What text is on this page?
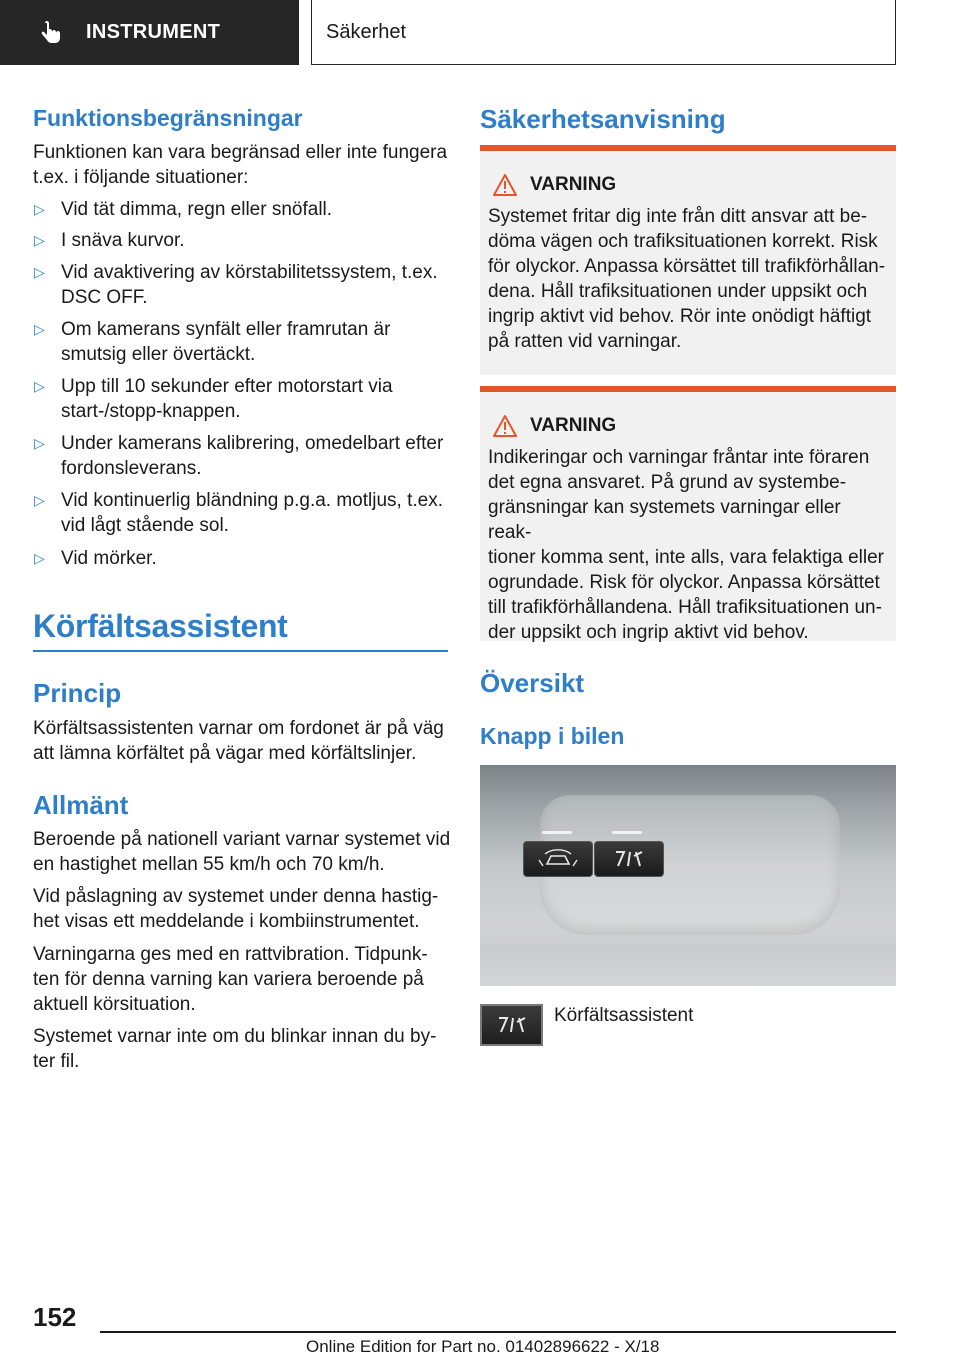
INSTRUMENT	Säkerhet
Funktionsbegränsningar
Funktionen kan vara begränsad eller inte fungera
t.ex. i följande situationer:
▷ Vid tät dimma, regn eller snöfall.
▷ I snäva kurvor.
▷ Vid avaktivering av körstabilitetssystem, t.ex.
DSC OFF.
▷ Om kamerans synfält eller framrutan är
smutsig eller övertäckt.
▷ Upp till 10 sekunder efter motorstart via
start-/stopp-knappen.
▷ Under kamerans kalibrering, omedelbart efter
fordonsleverans.
▷ Vid kontinuerlig bländning p.g.a. motljus, t.ex.
vid lågt stående sol.
▷ Vid mörker.
Körfältsassistent
Princip
Körfältsassistenten varnar om fordonet är på väg
att lämna körfältet på vägar med körfältslinjer.
Allmänt
Beroende på nationell variant varnar systemet vid
en hastighet mellan 55 km/h och 70 km/h.
Vid påslagning av systemet under denna hastig-
het visas ett meddelande i kombiinstrumentet.
Varningarna ges med en rattvibration. Tidpunk-
ten för denna varning kan variera beroende på
aktuell körsituation.
Systemet varnar inte om du blinkar innan du by-
ter fil.
Säkerhetsanvisning
VARNING
Systemet fritar dig inte från ditt ansvar att be-
döma vägen och trafiksituationen korrekt. Risk
för olyckor. Anpassa körsättet till trafikförhållan-
dena. Håll trafiksituationen under uppsikt och
ingrip aktivt vid behov. Rör inte onödigt häftigt
på ratten vid varningar.
VARNING
Indikeringar och varningar fråntar inte föraren
det egna ansvaret. På grund av systembe-
gränsningar kan systemets varningar eller reak-
tioner komma sent, inte alls, vara felaktiga eller
ogrundade. Risk för olyckor. Anpassa körsättet
till trafikförhållandena. Håll trafiksituationen un-
der uppsikt och ingrip aktivt vid behov.
Översikt
Knapp i bilen
Körfältsassistent
152
Online Edition for Part no. 01402896622 - X/18
